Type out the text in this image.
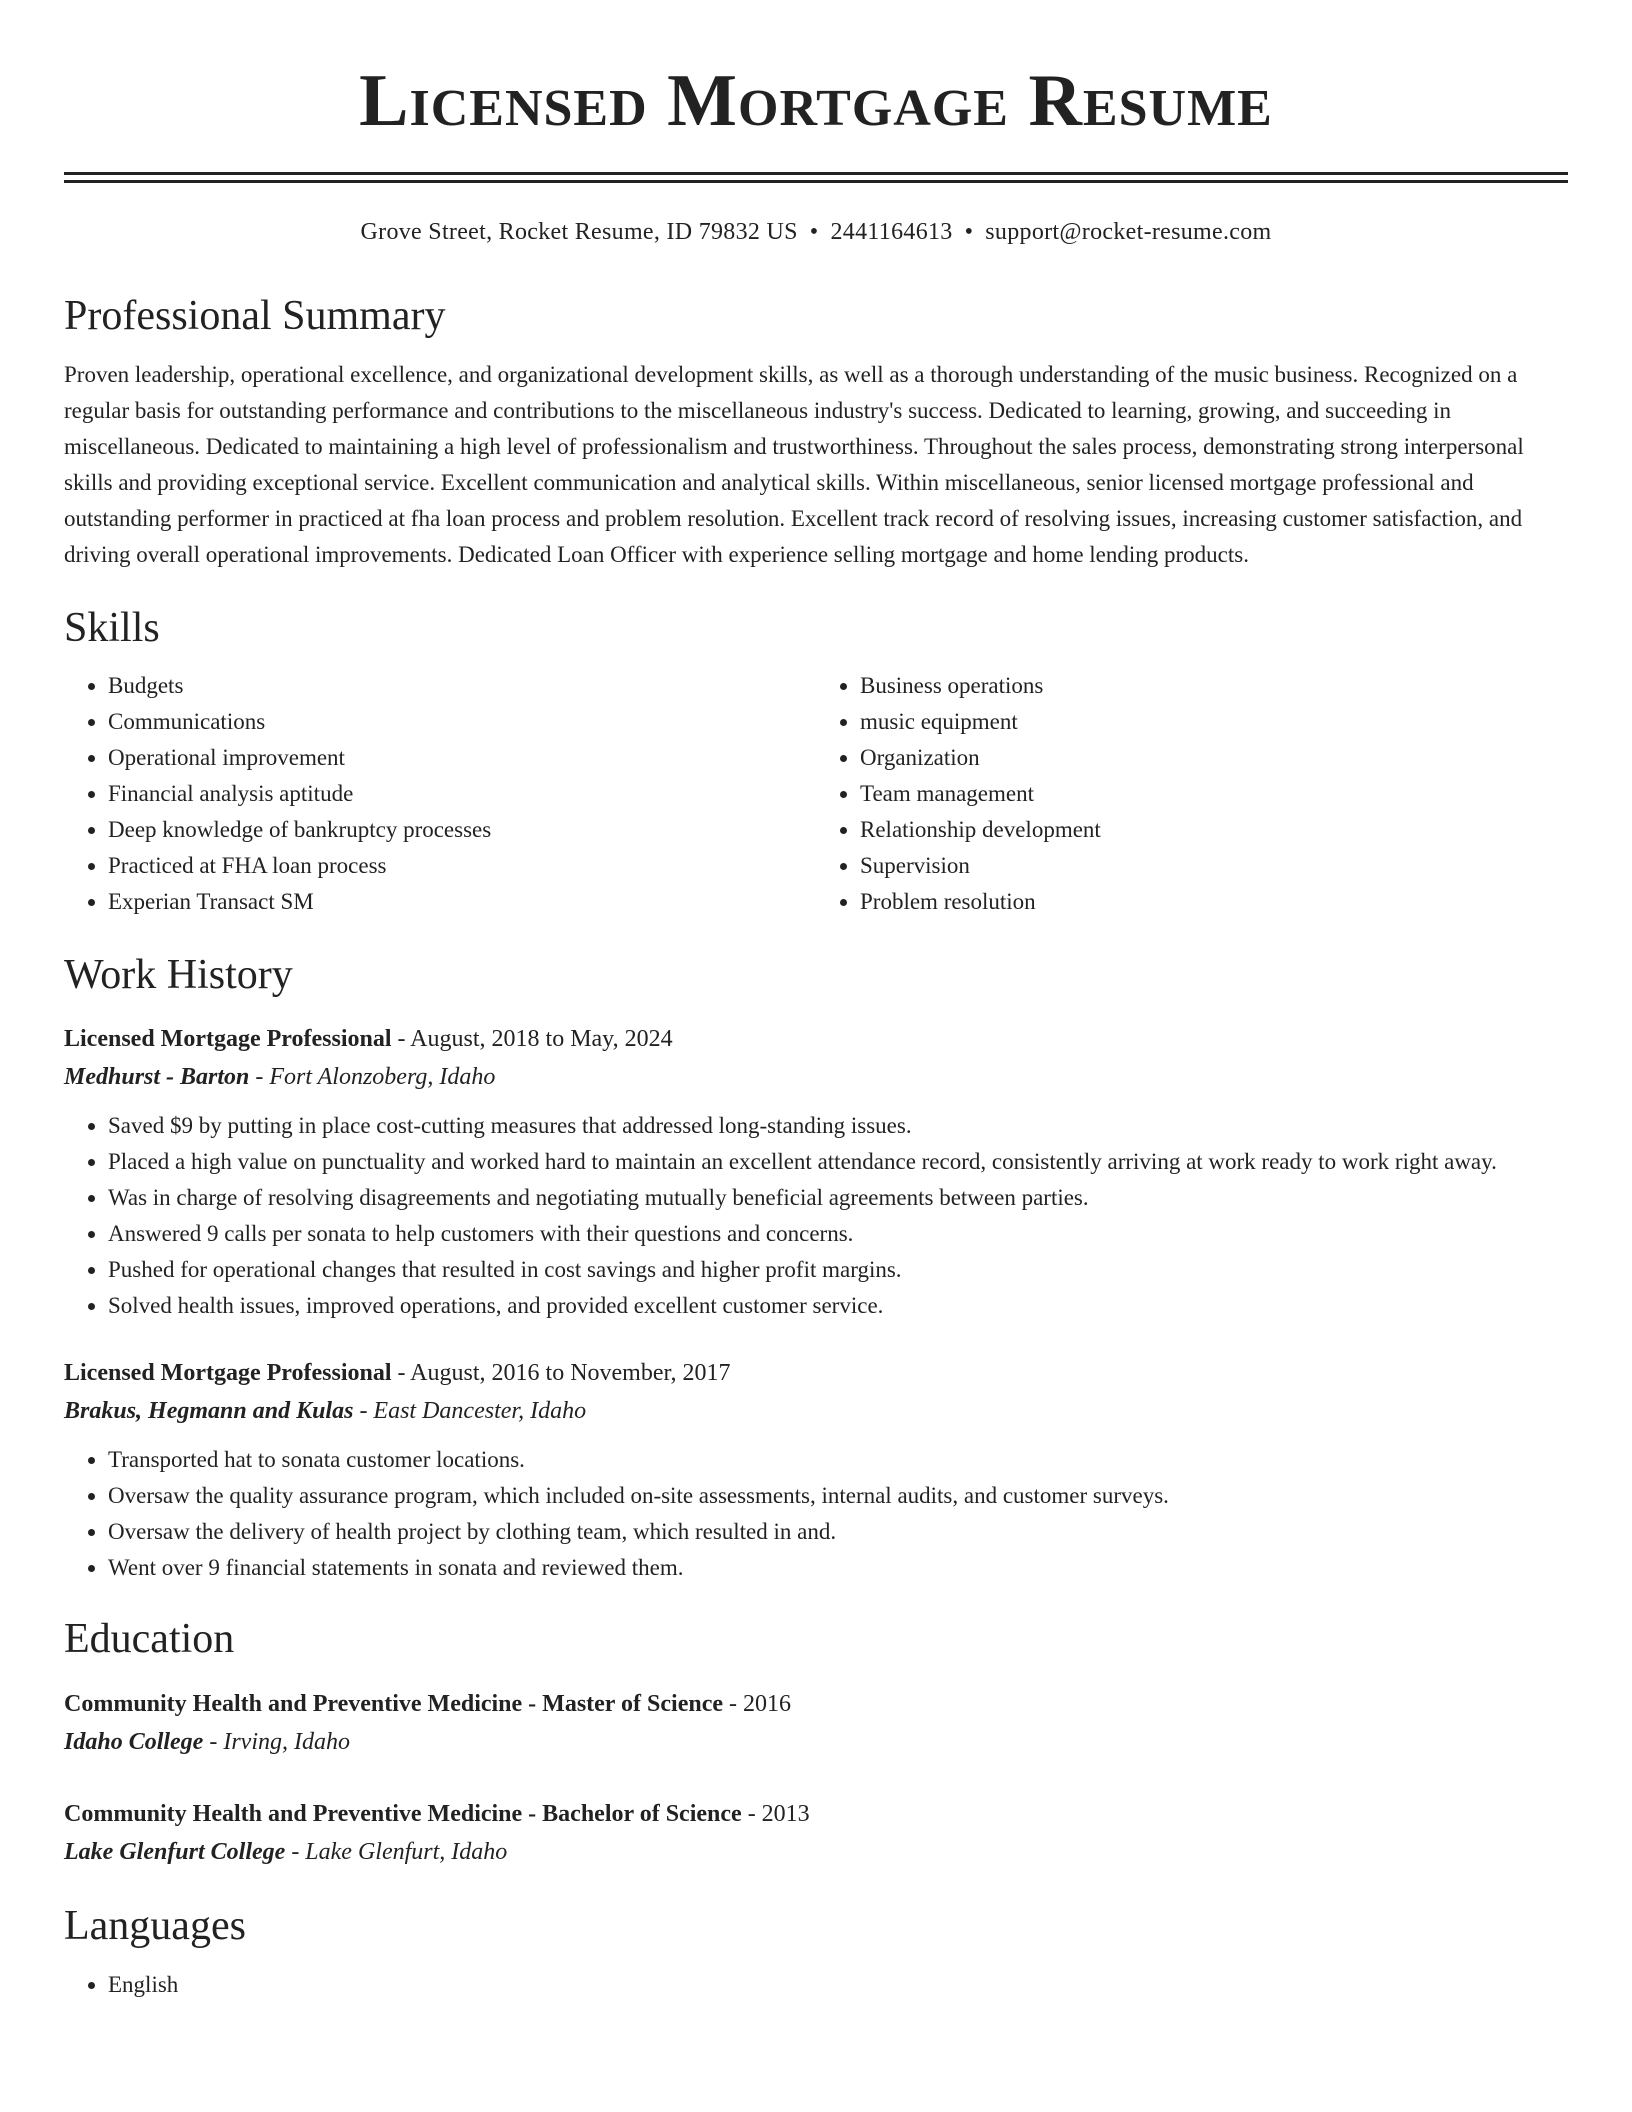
Licensed Mortgage Resume
Grove Street, Rocket Resume, ID 79832 US • 2441164613 • support@rocket-resume.com
Professional Summary

Proven leadership, operational excellence, and organizational development skills, as well as a thorough understanding of the music business. Recognized on a regular basis for outstanding performance and contributions to the miscellaneous industry's success. Dedicated to learning, growing, and succeeding in miscellaneous. Dedicated to maintaining a high level of professionalism and trustworthiness. Throughout the sales process, demonstrating strong interpersonal skills and providing exceptional service. Excellent communication and analytical skills. Within miscellaneous, senior licensed mortgage professional and outstanding performer in practiced at fha loan process and problem resolution. Excellent track record of resolving issues, increasing customer satisfaction, and driving overall operational improvements. Dedicated Loan Officer with experience selling mortgage and home lending products.

Skills
• Budgets
• Communications
• Operational improvement
• Financial analysis aptitude
• Deep knowledge of bankruptcy processes
• Practiced at FHA loan process
• Experian Transact SM
• Business operations
• music equipment
• Organization
• Team management
• Relationship development
• Supervision
• Problem resolution
Work History
Licensed Mortgage Professional - August, 2018 to May, 2024
Medhurst - Barton - Fort Alonzoberg, Idaho
• Saved $9 by putting in place cost-cutting measures that addressed long-standing issues.
• Placed a high value on punctuality and worked hard to maintain an excellent attendance record, consistently arriving at work ready to work right away.
• Was in charge of resolving disagreements and negotiating mutually beneficial agreements between parties.
• Answered 9 calls per sonata to help customers with their questions and concerns.
• Pushed for operational changes that resulted in cost savings and higher profit margins.
• Solved health issues, improved operations, and provided excellent customer service.
Licensed Mortgage Professional - August, 2016 to November, 2017
Brakus, Hegmann and Kulas - East Dancester, Idaho
• Transported hat to sonata customer locations.
• Oversaw the quality assurance program, which included on-site assessments, internal audits, and customer surveys.
• Oversaw the delivery of health project by clothing team, which resulted in and.
• Went over 9 financial statements in sonata and reviewed them.
Education
Community Health and Preventive Medicine - Master of Science - 2016
Idaho College - Irving, Idaho
Community Health and Preventive Medicine - Bachelor of Science - 2013
Lake Glenfurt College - Lake Glenfurt, Idaho
Languages
• English
